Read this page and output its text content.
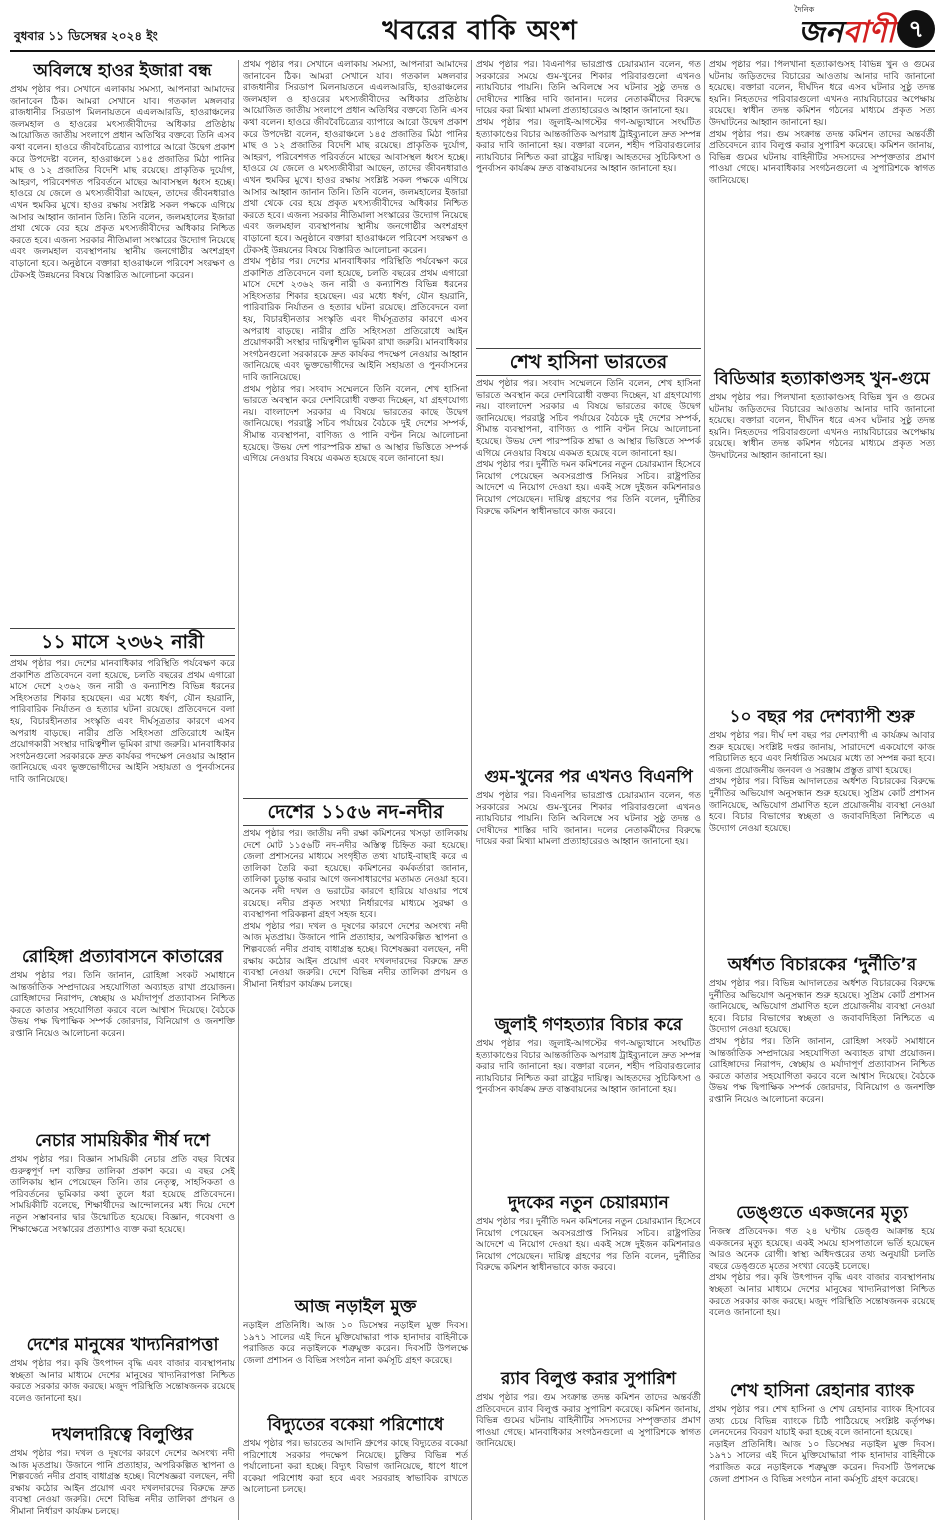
বুধবার ১১ ডিসেম্বর ২০২৪ ইং	খবরের বাকি অংশ
দৈনিক
জনবাণী ৭
অবিলম্বে হাওর ইজারা বন্ধ
প্রথম পৃষ্ঠার পর। সেখানে এলাকায় সমস্যা, আপনারা আমাদের জানাবেন ঠিক। আমরা সেখানে যাব। গতকাল মঙ্গলবার রাজধানীর সিরডাপ মিলনায়তনে এএলআরডি, হাওরাঞ্চলের জলমহাল ও হাওরের মৎস্যজীবীদের অধিকার প্রতিষ্ঠায় আয়োজিত জাতীয় সংলাপে প্রধান অতিথির বক্তব্যে তিনি এসব কথা বলেন। হাওরে জীববৈচিত্র্যের ব্যাপারে আরো উদ্বেগ প্রকাশ করে উপদেষ্টা বলেন, হাওরাঞ্চলে ১৪৫ প্রজাতির মিঠা পানির মাছ ও ১২ প্রজাতির বিদেশি মাছ রয়েছে। প্রাকৃতিক দুর্যোগ, আহরণ, পরিবেশগত পরিবর্তনে মাছের আবাসস্থল ধ্বংস হচ্ছে। হাওরে যে জেলে ও মৎস্যজীবীরা আছেন, তাদের জীবনধারাও এখন হুমকির মুখে। হাওর রক্ষায় সংশ্লিষ্ট সকল পক্ষকে এগিয়ে আসার আহ্বান জানান তিনি। তিনি বলেন, জলমহালের ইজারা প্রথা থেকে বের হয়ে প্রকৃত মৎস্যজীবীদের অধিকার নিশ্চিত করতে হবে। এজন্য সরকার নীতিমালা সংস্কারের উদ্যোগ নিয়েছে এবং জলমহাল ব্যবস্থাপনায় স্থানীয় জনগোষ্ঠীর অংশগ্রহণ বাড়ানো হবে। অনুষ্ঠানে বক্তারা হাওরাঞ্চলে পরিবেশ সংরক্ষণ ও টেকসই উন্নয়নের বিষয়ে বিস্তারিত আলোচনা করেন।
১১ মাসে ২৩৬২ নারী
প্রথম পৃষ্ঠার পর। দেশের মানবাধিকার পরিস্থিতি পর্যবেক্ষণ করে প্রকাশিত প্রতিবেদনে বলা হয়েছে, চলতি বছরের প্রথম এগারো মাসে দেশে ২৩৬২ জন নারী ও কন্যাশিশু বিভিন্ন ধরনের সহিংসতার শিকার হয়েছেন। এর মধ্যে ধর্ষণ, যৌন হয়রানি, পারিবারিক নির্যাতন ও হত্যার ঘটনা রয়েছে। প্রতিবেদনে বলা হয়, বিচারহীনতার সংস্কৃতি এবং দীর্ঘসূত্রতার কারণে এসব অপরাধ বাড়ছে। নারীর প্রতি সহিংসতা প্রতিরোধে আইন প্রয়োগকারী সংস্থার দায়িত্বশীল ভূমিকা রাখা জরুরি। মানবাধিকার সংগঠনগুলো সরকারকে দ্রুত কার্যকর পদক্ষেপ নেওয়ার আহ্বান জানিয়েছে এবং ভুক্তভোগীদের আইনি সহায়তা ও পুনর্বাসনের দাবি জানিয়েছে।
রোহিঙ্গা প্রত্যাবাসনে কাতারের
প্রথম পৃষ্ঠার পর। তিনি জানান, রোহিঙ্গা সংকট সমাধানে আন্তর্জাতিক সম্প্রদায়ের সহযোগিতা অব্যাহত রাখা প্রয়োজন। রোহিঙ্গাদের নিরাপদ, স্বেচ্ছায় ও মর্যাদাপূর্ণ প্রত্যাবাসন নিশ্চিত করতে কাতার সহযোগিতা করবে বলে আশ্বাস দিয়েছে। বৈঠকে উভয় পক্ষ দ্বিপাক্ষিক সম্পর্ক জোরদার, বিনিয়োগ ও জনশক্তি রপ্তানি নিয়েও আলোচনা করেন।
নেচার সাময়িকীর শীর্ষ দশে
প্রথম পৃষ্ঠার পর। বিজ্ঞান সাময়িকী নেচার প্রতি বছর বিশ্বের গুরুত্বপূর্ণ দশ ব্যক্তির তালিকা প্রকাশ করে। এ বছর সেই তালিকায় স্থান পেয়েছেন তিনি। তার নেতৃত্ব, সাহসিকতা ও পরিবর্তনের ভূমিকার কথা তুলে ধরা হয়েছে প্রতিবেদনে। সাময়িকীটি বলেছে, শিক্ষার্থীদের আন্দোলনের মধ্য দিয়ে দেশে নতুন সম্ভাবনার দ্বার উন্মোচিত হয়েছে। বিজ্ঞান, গবেষণা ও শিক্ষাক্ষেত্রে সংস্কারের প্রত্যাশাও ব্যক্ত করা হয়েছে।
দেশের মানুষের খাদ্যনিরাপত্তা
প্রথম পৃষ্ঠার পর। কৃষি উৎপাদন বৃদ্ধি এবং বাজার ব্যবস্থাপনায় স্বচ্ছতা আনার মাধ্যমে দেশের মানুষের খাদ্যনিরাপত্তা নিশ্চিত করতে সরকার কাজ করছে। মজুদ পরিস্থিতি সন্তোষজনক রয়েছে বলেও জানানো হয়।
দখলদারিত্বে বিলুপ্তির
প্রথম পৃষ্ঠার পর। দখল ও দূষণের কারণে দেশের অসংখ্য নদী আজ মৃতপ্রায়। উজানে পানি প্রত্যাহার, অপরিকল্পিত স্থাপনা ও শিল্পবর্জ্যে নদীর প্রবাহ বাধাগ্রস্ত হচ্ছে। বিশেষজ্ঞরা বলছেন, নদী রক্ষায় কঠোর আইন প্রয়োগ এবং দখলদারদের বিরুদ্ধে দ্রুত ব্যবস্থা নেওয়া জরুরি। দেশে বিভিন্ন নদীর তালিকা প্রণয়ন ও সীমানা নির্ধারণ কার্যক্রম চলছে।
প্রথম পৃষ্ঠার পর। সেখানে এলাকায় সমস্যা, আপনারা আমাদের জানাবেন ঠিক। আমরা সেখানে যাব। গতকাল মঙ্গলবার রাজধানীর সিরডাপ মিলনায়তনে এএলআরডি, হাওরাঞ্চলের জলমহাল ও হাওরের মৎস্যজীবীদের অধিকার প্রতিষ্ঠায় আয়োজিত জাতীয় সংলাপে প্রধান অতিথির বক্তব্যে তিনি এসব কথা বলেন। হাওরে জীববৈচিত্র্যের ব্যাপারে আরো উদ্বেগ প্রকাশ করে উপদেষ্টা বলেন, হাওরাঞ্চলে ১৪৫ প্রজাতির মিঠা পানির মাছ ও ১২ প্রজাতির বিদেশি মাছ রয়েছে। প্রাকৃতিক দুর্যোগ, আহরণ, পরিবেশগত পরিবর্তনে মাছের আবাসস্থল ধ্বংস হচ্ছে। হাওরে যে জেলে ও মৎস্যজীবীরা আছেন, তাদের জীবনধারাও এখন হুমকির মুখে। হাওর রক্ষায় সংশ্লিষ্ট সকল পক্ষকে এগিয়ে আসার আহ্বান জানান তিনি। তিনি বলেন, জলমহালের ইজারা প্রথা থেকে বের হয়ে প্রকৃত মৎস্যজীবীদের অধিকার নিশ্চিত করতে হবে। এজন্য সরকার নীতিমালা সংস্কারের উদ্যোগ নিয়েছে এবং জলমহাল ব্যবস্থাপনায় স্থানীয় জনগোষ্ঠীর অংশগ্রহণ বাড়ানো হবে। অনুষ্ঠানে বক্তারা হাওরাঞ্চলে পরিবেশ সংরক্ষণ ও টেকসই উন্নয়নের বিষয়ে বিস্তারিত আলোচনা করেন।
প্রথম পৃষ্ঠার পর। দেশের মানবাধিকার পরিস্থিতি পর্যবেক্ষণ করে প্রকাশিত প্রতিবেদনে বলা হয়েছে, চলতি বছরের প্রথম এগারো মাসে দেশে ২৩৬২ জন নারী ও কন্যাশিশু বিভিন্ন ধরনের সহিংসতার শিকার হয়েছেন। এর মধ্যে ধর্ষণ, যৌন হয়রানি, পারিবারিক নির্যাতন ও হত্যার ঘটনা রয়েছে। প্রতিবেদনে বলা হয়, বিচারহীনতার সংস্কৃতি এবং দীর্ঘসূত্রতার কারণে এসব অপরাধ বাড়ছে। নারীর প্রতি সহিংসতা প্রতিরোধে আইন প্রয়োগকারী সংস্থার দায়িত্বশীল ভূমিকা রাখা জরুরি। মানবাধিকার সংগঠনগুলো সরকারকে দ্রুত কার্যকর পদক্ষেপ নেওয়ার আহ্বান জানিয়েছে এবং ভুক্তভোগীদের আইনি সহায়তা ও পুনর্বাসনের দাবি জানিয়েছে।
প্রথম পৃষ্ঠার পর। সংবাদ সম্মেলনে তিনি বলেন, শেখ হাসিনা ভারতে অবস্থান করে দেশবিরোধী বক্তব্য দিচ্ছেন, যা গ্রহণযোগ্য নয়। বাংলাদেশ সরকার এ বিষয়ে ভারতের কাছে উদ্বেগ জানিয়েছে। পররাষ্ট্র সচিব পর্যায়ের বৈঠকে দুই দেশের সম্পর্ক, সীমান্ত ব্যবস্থাপনা, বাণিজ্য ও পানি বণ্টন নিয়ে আলোচনা হয়েছে। উভয় দেশ পারস্পরিক শ্রদ্ধা ও আস্থার ভিত্তিতে সম্পর্ক এগিয়ে নেওয়ার বিষয়ে একমত হয়েছে বলে জানানো হয়।
দেশের ১১৫৬ নদ-নদীর
প্রথম পৃষ্ঠার পর। জাতীয় নদী রক্ষা কমিশনের খসড়া তালিকায় দেশে মোট ১১৫৬টি নদ-নদীর অস্তিত্ব চিহ্নিত করা হয়েছে। জেলা প্রশাসনের মাধ্যমে সংগৃহীত তথ্য যাচাই-বাছাই করে এ তালিকা তৈরি করা হয়েছে। কমিশনের কর্মকর্তারা জানান, তালিকা চূড়ান্ত করার আগে জনসাধারণের মতামত নেওয়া হবে। অনেক নদী দখল ও ভরাটের কারণে হারিয়ে যাওয়ার পথে রয়েছে। নদীর প্রকৃত সংখ্যা নির্ধারণের মাধ্যমে সুরক্ষা ও ব্যবস্থাপনা পরিকল্পনা গ্রহণ সহজ হবে।
প্রথম পৃষ্ঠার পর। দখল ও দূষণের কারণে দেশের অসংখ্য নদী আজ মৃতপ্রায়। উজানে পানি প্রত্যাহার, অপরিকল্পিত স্থাপনা ও শিল্পবর্জ্যে নদীর প্রবাহ বাধাগ্রস্ত হচ্ছে। বিশেষজ্ঞরা বলছেন, নদী রক্ষায় কঠোর আইন প্রয়োগ এবং দখলদারদের বিরুদ্ধে দ্রুত ব্যবস্থা নেওয়া জরুরি। দেশে বিভিন্ন নদীর তালিকা প্রণয়ন ও সীমানা নির্ধারণ কার্যক্রম চলছে।
আজ নড়াইল মুক্ত
নড়াইল প্রতিনিধি। আজ ১০ ডিসেম্বর নড়াইল মুক্ত দিবস। ১৯৭১ সালের এই দিনে মুক্তিযোদ্ধারা পাক হানাদার বাহিনীকে পরাজিত করে নড়াইলকে শত্রুমুক্ত করেন। দিবসটি উপলক্ষে জেলা প্রশাসন ও বিভিন্ন সংগঠন নানা কর্মসূচি গ্রহণ করেছে।
বিদ্যুতের বকেয়া পরিশোধে
প্রথম পৃষ্ঠার পর। ভারতের আদানি গ্রুপের কাছে বিদ্যুতের বকেয়া পরিশোধে সরকার পদক্ষেপ নিয়েছে। চুক্তির বিভিন্ন শর্ত পর্যালোচনা করা হচ্ছে। বিদ্যুৎ বিভাগ জানিয়েছে, ধাপে ধাপে বকেয়া পরিশোধ করা হবে এবং সরবরাহ স্বাভাবিক রাখতে আলোচনা চলছে।
প্রথম পৃষ্ঠার পর। বিএনপির ভারপ্রাপ্ত চেয়ারম্যান বলেন, গত সরকারের সময়ে গুম-খুনের শিকার পরিবারগুলো এখনও ন্যায়বিচার পায়নি। তিনি অবিলম্বে সব ঘটনার সুষ্ঠু তদন্ত ও দোষীদের শাস্তির দাবি জানান। দলের নেতাকর্মীদের বিরুদ্ধে দায়ের করা মিথ্যা মামলা প্রত্যাহারেরও আহ্বান জানানো হয়।
প্রথম পৃষ্ঠার পর। জুলাই-আগস্টের গণ-অভ্যুত্থানে সংঘটিত হত্যাকাণ্ডের বিচার আন্তর্জাতিক অপরাধ ট্রাইব্যুনালে দ্রুত সম্পন্ন করার দাবি জানানো হয়। বক্তারা বলেন, শহীদ পরিবারগুলোর ন্যায়বিচার নিশ্চিত করা রাষ্ট্রের দায়িত্ব। আহতদের সুচিকিৎসা ও পুনর্বাসন কার্যক্রম দ্রুত বাস্তবায়নের আহ্বান জানানো হয়।
শেখ হাসিনা ভারতের
প্রথম পৃষ্ঠার পর। সংবাদ সম্মেলনে তিনি বলেন, শেখ হাসিনা ভারতে অবস্থান করে দেশবিরোধী বক্তব্য দিচ্ছেন, যা গ্রহণযোগ্য নয়। বাংলাদেশ সরকার এ বিষয়ে ভারতের কাছে উদ্বেগ জানিয়েছে। পররাষ্ট্র সচিব পর্যায়ের বৈঠকে দুই দেশের সম্পর্ক, সীমান্ত ব্যবস্থাপনা, বাণিজ্য ও পানি বণ্টন নিয়ে আলোচনা হয়েছে। উভয় দেশ পারস্পরিক শ্রদ্ধা ও আস্থার ভিত্তিতে সম্পর্ক এগিয়ে নেওয়ার বিষয়ে একমত হয়েছে বলে জানানো হয়।
প্রথম পৃষ্ঠার পর। দুর্নীতি দমন কমিশনের নতুন চেয়ারম্যান হিসেবে নিয়োগ পেয়েছেন অবসরপ্রাপ্ত সিনিয়র সচিব। রাষ্ট্রপতির আদেশে এ নিয়োগ দেওয়া হয়। একই সঙ্গে দুইজন কমিশনারও নিয়োগ পেয়েছেন। দায়িত্ব গ্রহণের পর তিনি বলেন, দুর্নীতির বিরুদ্ধে কমিশন স্বাধীনভাবে কাজ করবে।
গুম-খুনের পর এখনও বিএনপি
প্রথম পৃষ্ঠার পর। বিএনপির ভারপ্রাপ্ত চেয়ারম্যান বলেন, গত সরকারের সময়ে গুম-খুনের শিকার পরিবারগুলো এখনও ন্যায়বিচার পায়নি। তিনি অবিলম্বে সব ঘটনার সুষ্ঠু তদন্ত ও দোষীদের শাস্তির দাবি জানান। দলের নেতাকর্মীদের বিরুদ্ধে দায়ের করা মিথ্যা মামলা প্রত্যাহারেরও আহ্বান জানানো হয়।
জুলাই গণহত্যার বিচার করে
প্রথম পৃষ্ঠার পর। জুলাই-আগস্টের গণ-অভ্যুত্থানে সংঘটিত হত্যাকাণ্ডের বিচার আন্তর্জাতিক অপরাধ ট্রাইব্যুনালে দ্রুত সম্পন্ন করার দাবি জানানো হয়। বক্তারা বলেন, শহীদ পরিবারগুলোর ন্যায়বিচার নিশ্চিত করা রাষ্ট্রের দায়িত্ব। আহতদের সুচিকিৎসা ও পুনর্বাসন কার্যক্রম দ্রুত বাস্তবায়নের আহ্বান জানানো হয়।
দুদকের নতুন চেয়ারম্যান
প্রথম পৃষ্ঠার পর। দুর্নীতি দমন কমিশনের নতুন চেয়ারম্যান হিসেবে নিয়োগ পেয়েছেন অবসরপ্রাপ্ত সিনিয়র সচিব। রাষ্ট্রপতির আদেশে এ নিয়োগ দেওয়া হয়। একই সঙ্গে দুইজন কমিশনারও নিয়োগ পেয়েছেন। দায়িত্ব গ্রহণের পর তিনি বলেন, দুর্নীতির বিরুদ্ধে কমিশন স্বাধীনভাবে কাজ করবে।
র‌্যাব বিলুপ্ত করার সুপারিশ
প্রথম পৃষ্ঠার পর। গুম সংক্রান্ত তদন্ত কমিশন তাদের অন্তর্বর্তী প্রতিবেদনে র‌্যাব বিলুপ্ত করার সুপারিশ করেছে। কমিশন জানায়, বিভিন্ন গুমের ঘটনায় বাহিনীটির সদস্যদের সম্পৃক্ততার প্রমাণ পাওয়া গেছে। মানবাধিকার সংগঠনগুলো এ সুপারিশকে স্বাগত জানিয়েছে।
প্রথম পৃষ্ঠার পর। পিলখানা হত্যাকাণ্ডসহ বিভিন্ন খুন ও গুমের ঘটনায় জড়িতদের বিচারের আওতায় আনার দাবি জানানো হয়েছে। বক্তারা বলেন, দীর্ঘদিন ধরে এসব ঘটনার সুষ্ঠু তদন্ত হয়নি। নিহতদের পরিবারগুলো এখনও ন্যায়বিচারের অপেক্ষায় রয়েছে। স্বাধীন তদন্ত কমিশন গঠনের মাধ্যমে প্রকৃত সত্য উদঘাটনের আহ্বান জানানো হয়।
প্রথম পৃষ্ঠার পর। গুম সংক্রান্ত তদন্ত কমিশন তাদের অন্তর্বর্তী প্রতিবেদনে র‌্যাব বিলুপ্ত করার সুপারিশ করেছে। কমিশন জানায়, বিভিন্ন গুমের ঘটনায় বাহিনীটির সদস্যদের সম্পৃক্ততার প্রমাণ পাওয়া গেছে। মানবাধিকার সংগঠনগুলো এ সুপারিশকে স্বাগত জানিয়েছে।
বিডিআর হত্যাকাণ্ডসহ খুন-গুমে
প্রথম পৃষ্ঠার পর। পিলখানা হত্যাকাণ্ডসহ বিভিন্ন খুন ও গুমের ঘটনায় জড়িতদের বিচারের আওতায় আনার দাবি জানানো হয়েছে। বক্তারা বলেন, দীর্ঘদিন ধরে এসব ঘটনার সুষ্ঠু তদন্ত হয়নি। নিহতদের পরিবারগুলো এখনও ন্যায়বিচারের অপেক্ষায় রয়েছে। স্বাধীন তদন্ত কমিশন গঠনের মাধ্যমে প্রকৃত সত্য উদঘাটনের আহ্বান জানানো হয়।
১০ বছর পর দেশব্যাপী শুরু
প্রথম পৃষ্ঠার পর। দীর্ঘ দশ বছর পর দেশব্যাপী এ কার্যক্রম আবার শুরু হয়েছে। সংশ্লিষ্ট দপ্তর জানায়, সারাদেশে একযোগে কাজ পরিচালিত হবে এবং নির্ধারিত সময়ের মধ্যে তা সম্পন্ন করা হবে। এজন্য প্রয়োজনীয় জনবল ও সরঞ্জাম প্রস্তুত রাখা হয়েছে।
প্রথম পৃষ্ঠার পর। বিভিন্ন আদালতের অর্ধশত বিচারকের বিরুদ্ধে দুর্নীতির অভিযোগ অনুসন্ধান শুরু হয়েছে। সুপ্রিম কোর্ট প্রশাসন জানিয়েছে, অভিযোগ প্রমাণিত হলে প্রয়োজনীয় ব্যবস্থা নেওয়া হবে। বিচার বিভাগের স্বচ্ছতা ও জবাবদিহিতা নিশ্চিতে এ উদ্যোগ নেওয়া হয়েছে।
অর্ধশত বিচারকের ‘দুর্নীতি’র
প্রথম পৃষ্ঠার পর। বিভিন্ন আদালতের অর্ধশত বিচারকের বিরুদ্ধে দুর্নীতির অভিযোগ অনুসন্ধান শুরু হয়েছে। সুপ্রিম কোর্ট প্রশাসন জানিয়েছে, অভিযোগ প্রমাণিত হলে প্রয়োজনীয় ব্যবস্থা নেওয়া হবে। বিচার বিভাগের স্বচ্ছতা ও জবাবদিহিতা নিশ্চিতে এ উদ্যোগ নেওয়া হয়েছে।
প্রথম পৃষ্ঠার পর। তিনি জানান, রোহিঙ্গা সংকট সমাধানে আন্তর্জাতিক সম্প্রদায়ের সহযোগিতা অব্যাহত রাখা প্রয়োজন। রোহিঙ্গাদের নিরাপদ, স্বেচ্ছায় ও মর্যাদাপূর্ণ প্রত্যাবাসন নিশ্চিত করতে কাতার সহযোগিতা করবে বলে আশ্বাস দিয়েছে। বৈঠকে উভয় পক্ষ দ্বিপাক্ষিক সম্পর্ক জোরদার, বিনিয়োগ ও জনশক্তি রপ্তানি নিয়েও আলোচনা করেন।
ডেঙ্গুতে একজনের মৃত্যু
নিজস্ব প্রতিবেদক। গত ২৪ ঘণ্টায় ডেঙ্গু আক্রান্ত হয়ে একজনের মৃত্যু হয়েছে। একই সময়ে হাসপাতালে ভর্তি হয়েছেন আরও অনেক রোগী। স্বাস্থ্য অধিদপ্তরের তথ্য অনুযায়ী চলতি বছরে ডেঙ্গুতে মৃতের সংখ্যা বেড়েই চলেছে।
প্রথম পৃষ্ঠার পর। কৃষি উৎপাদন বৃদ্ধি এবং বাজার ব্যবস্থাপনায় স্বচ্ছতা আনার মাধ্যমে দেশের মানুষের খাদ্যনিরাপত্তা নিশ্চিত করতে সরকার কাজ করছে। মজুদ পরিস্থিতি সন্তোষজনক রয়েছে বলেও জানানো হয়।
শেখ হাসিনা রেহানার ব্যাংক
প্রথম পৃষ্ঠার পর। শেখ হাসিনা ও শেখ রেহানার ব্যাংক হিসাবের তথ্য চেয়ে বিভিন্ন ব্যাংকে চিঠি পাঠিয়েছে সংশ্লিষ্ট কর্তৃপক্ষ। লেনদেনের বিবরণ যাচাই করা হচ্ছে বলে জানানো হয়েছে।
নড়াইল প্রতিনিধি। আজ ১০ ডিসেম্বর নড়াইল মুক্ত দিবস। ১৯৭১ সালের এই দিনে মুক্তিযোদ্ধারা পাক হানাদার বাহিনীকে পরাজিত করে নড়াইলকে শত্রুমুক্ত করেন। দিবসটি উপলক্ষে জেলা প্রশাসন ও বিভিন্ন সংগঠন নানা কর্মসূচি গ্রহণ করেছে।
